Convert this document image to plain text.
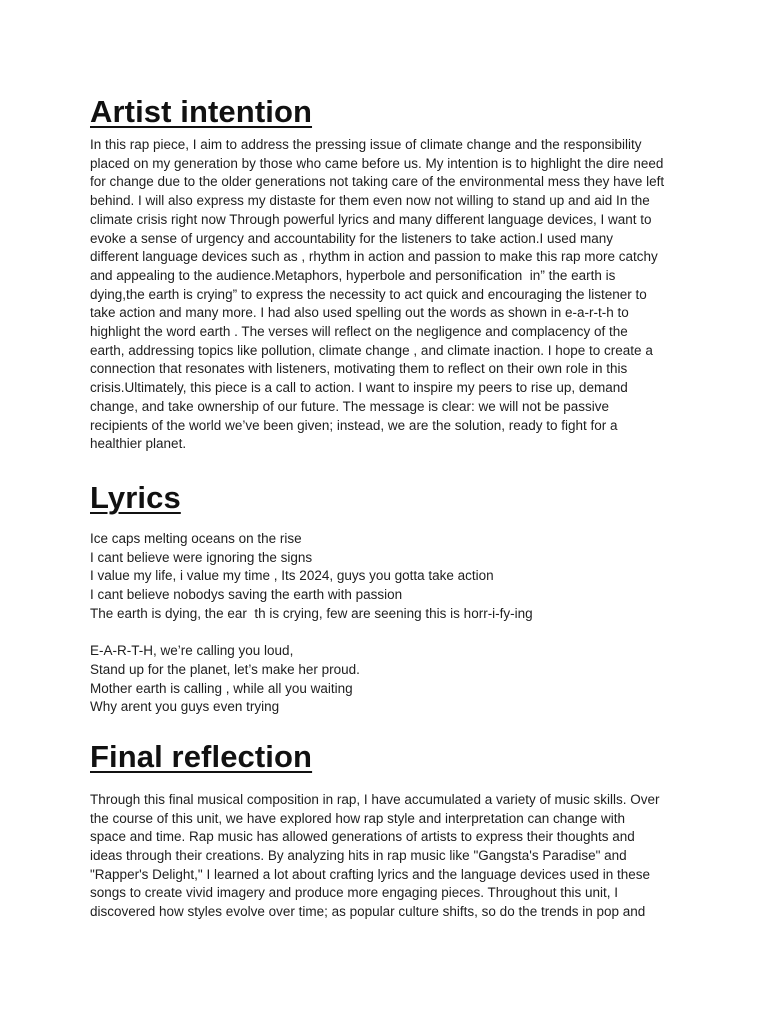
Artist intention
In this rap piece, I aim to address the pressing issue of climate change and the responsibility
placed on my generation by those who came before us. My intention is to highlight the dire need
for change due to the older generations not taking care of the environmental mess they have left
behind. I will also express my distaste for them even now not willing to stand up and aid In the
climate crisis right now Through powerful lyrics and many different language devices, I want to
evoke a sense of urgency and accountability for the listeners to take action.I used many
different language devices such as , rhythm in action and passion to make this rap more catchy
and appealing to the audience.Metaphors, hyperbole and personification  in” the earth is
dying,the earth is crying” to express the necessity to act quick and encouraging the listener to
take action and many more. I had also used spelling out the words as shown in e-a-r-t-h to
highlight the word earth . The verses will reflect on the negligence and complacency of the
earth, addressing topics like pollution, climate change , and climate inaction. I hope to create a
connection that resonates with listeners, motivating them to reflect on their own role in this
crisis.Ultimately, this piece is a call to action. I want to inspire my peers to rise up, demand
change, and take ownership of our future. The message is clear: we will not be passive
recipients of the world we’ve been given; instead, we are the solution, ready to fight for a
healthier planet.
Lyrics
Ice caps melting oceans on the rise
I cant believe were ignoring the signs
I value my life, i value my time , Its 2024, guys you gotta take action
I cant believe nobodys saving the earth with passion
The earth is dying, the ear  th is crying, few are seening this is horr-i-fy-ing
E-A-R-T-H, we’re calling you loud,
Stand up for the planet, let’s make her proud.
Mother earth is calling , while all you waiting
Why arent you guys even trying
Final reflection
Through this final musical composition in rap, I have accumulated a variety of music skills. Over
the course of this unit, we have explored how rap style and interpretation can change with
space and time. Rap music has allowed generations of artists to express their thoughts and
ideas through their creations. By analyzing hits in rap music like "Gangsta's Paradise" and
"Rapper's Delight," I learned a lot about crafting lyrics and the language devices used in these
songs to create vivid imagery and produce more engaging pieces. Throughout this unit, I
discovered how styles evolve over time; as popular culture shifts, so do the trends in pop and
